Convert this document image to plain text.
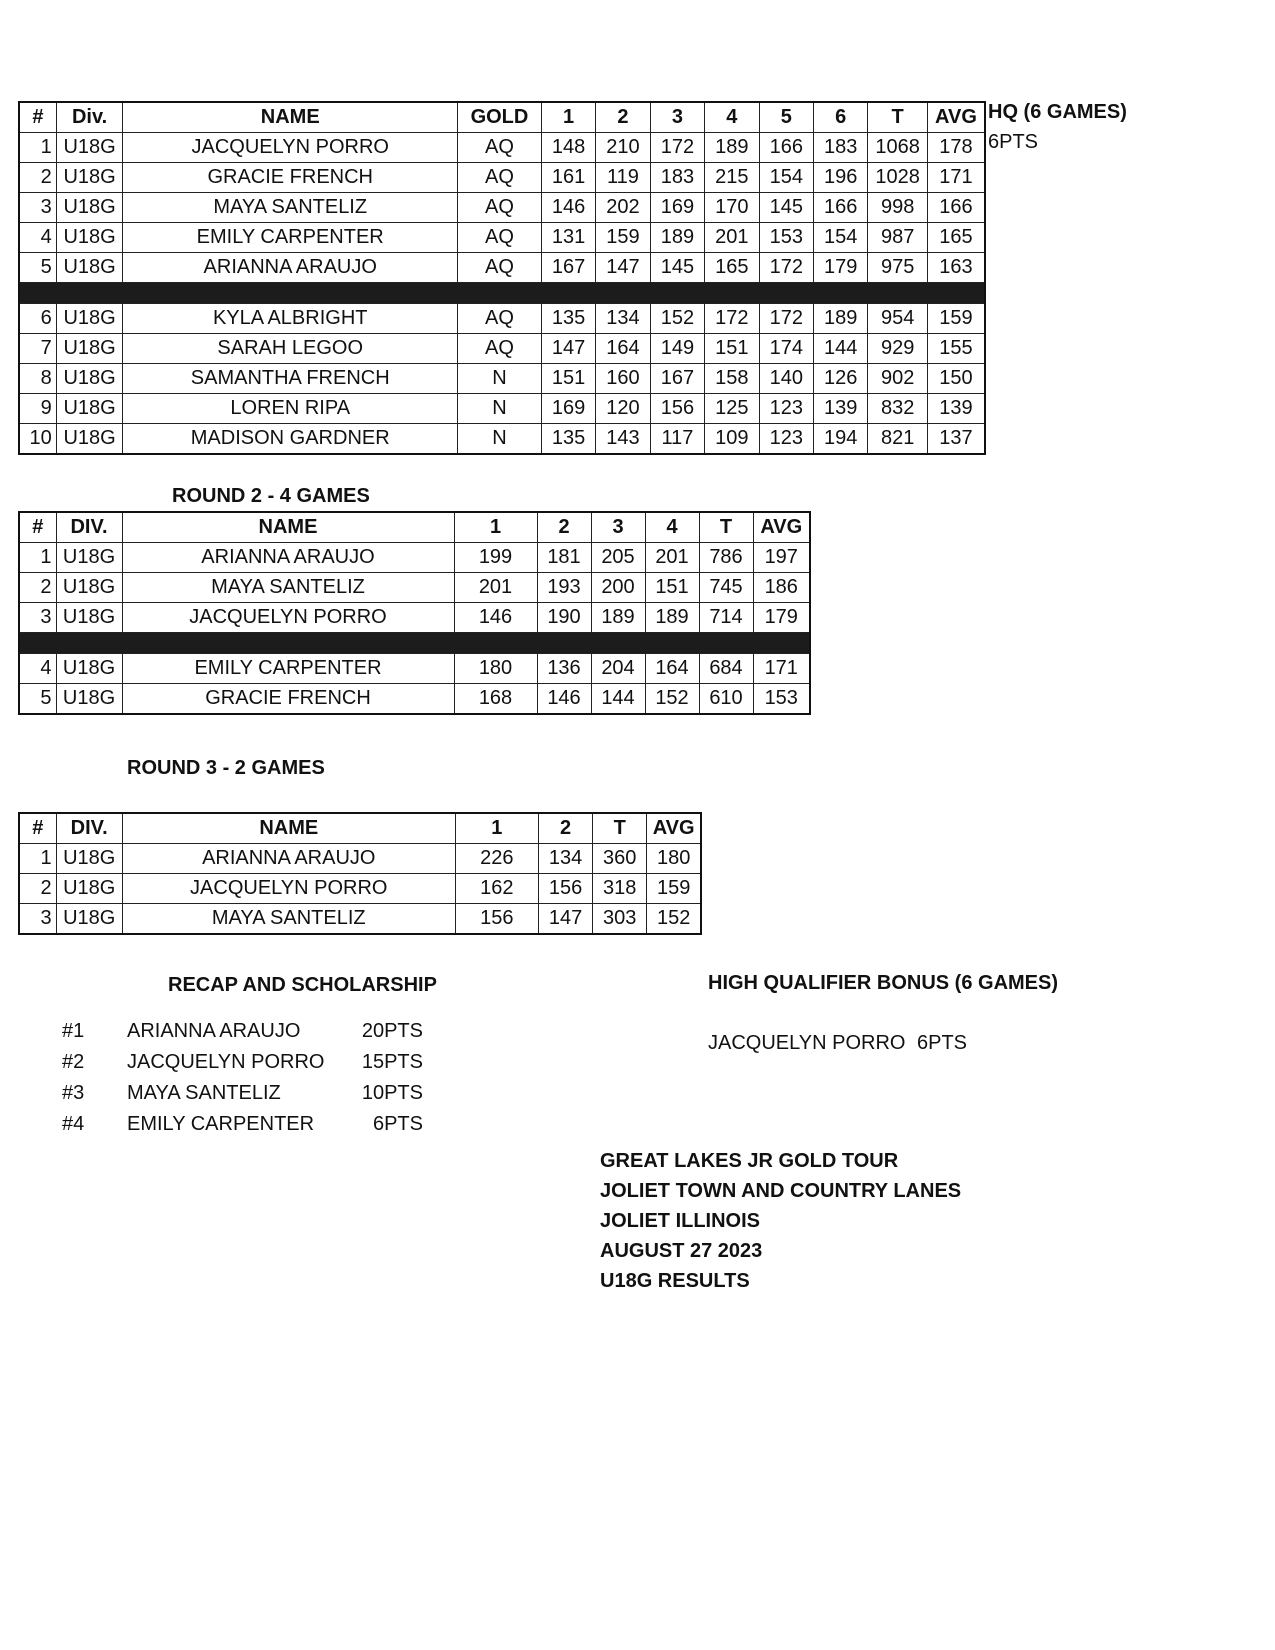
#	Div.	NAME	GOLD	1	2	3	4	5	6	T	AVG
1	U18G	JACQUELYN PORRO	AQ	148	210	172	189	166	183	1068	178
2	U18G	GRACIE FRENCH	AQ	161	119	183	215	154	196	1028	171
3	U18G	MAYA SANTELIZ	AQ	146	202	169	170	145	166	998	166
4	U18G	EMILY CARPENTER	AQ	131	159	189	201	153	154	987	165
5	U18G	ARIANNA ARAUJO	AQ	167	147	145	165	172	179	975	163

6	U18G	KYLA ALBRIGHT	AQ	135	134	152	172	172	189	954	159
7	U18G	SARAH LEGOO	AQ	147	164	149	151	174	144	929	155
8	U18G	SAMANTHA FRENCH	N	151	160	167	158	140	126	902	150
9	U18G	LOREN RIPA	N	169	120	156	125	123	139	832	139
10	U18G	MADISON GARDNER	N	135	143	117	109	123	194	821	137
HQ (6 GAMES)
6PTS
ROUND 2 - 4 GAMES
#	DIV.	NAME	1	2	3	4	T	AVG
1	U18G	ARIANNA ARAUJO	199	181	205	201	786	197
2	U18G	MAYA SANTELIZ	201	193	200	151	745	186
3	U18G	JACQUELYN PORRO	146	190	189	189	714	179

4	U18G	EMILY CARPENTER	180	136	204	164	684	171
5	U18G	GRACIE FRENCH	168	146	144	152	610	153
ROUND 3 - 2 GAMES
#	DIV.	NAME	1	2	T	AVG
1	U18G	ARIANNA ARAUJO	226	134	360	180
2	U18G	JACQUELYN PORRO	162	156	318	159
3	U18G	MAYA SANTELIZ	156	147	303	152
RECAP AND SCHOLARSHIP
#1 ARIANNA ARAUJO	20PTS
#2 JACQUELYN PORRO 15PTS
#3 MAYA SANTELIZ	10PTS
#4 EMILY CARPENTER	6PTS
HIGH QUALIFIER BONUS (6 GAMES)
JACQUELYN PORRO 6PTS
GREAT LAKES JR GOLD TOUR
JOLIET TOWN AND COUNTRY LANES
JOLIET ILLINOIS
AUGUST 27 2023
U18G RESULTS
